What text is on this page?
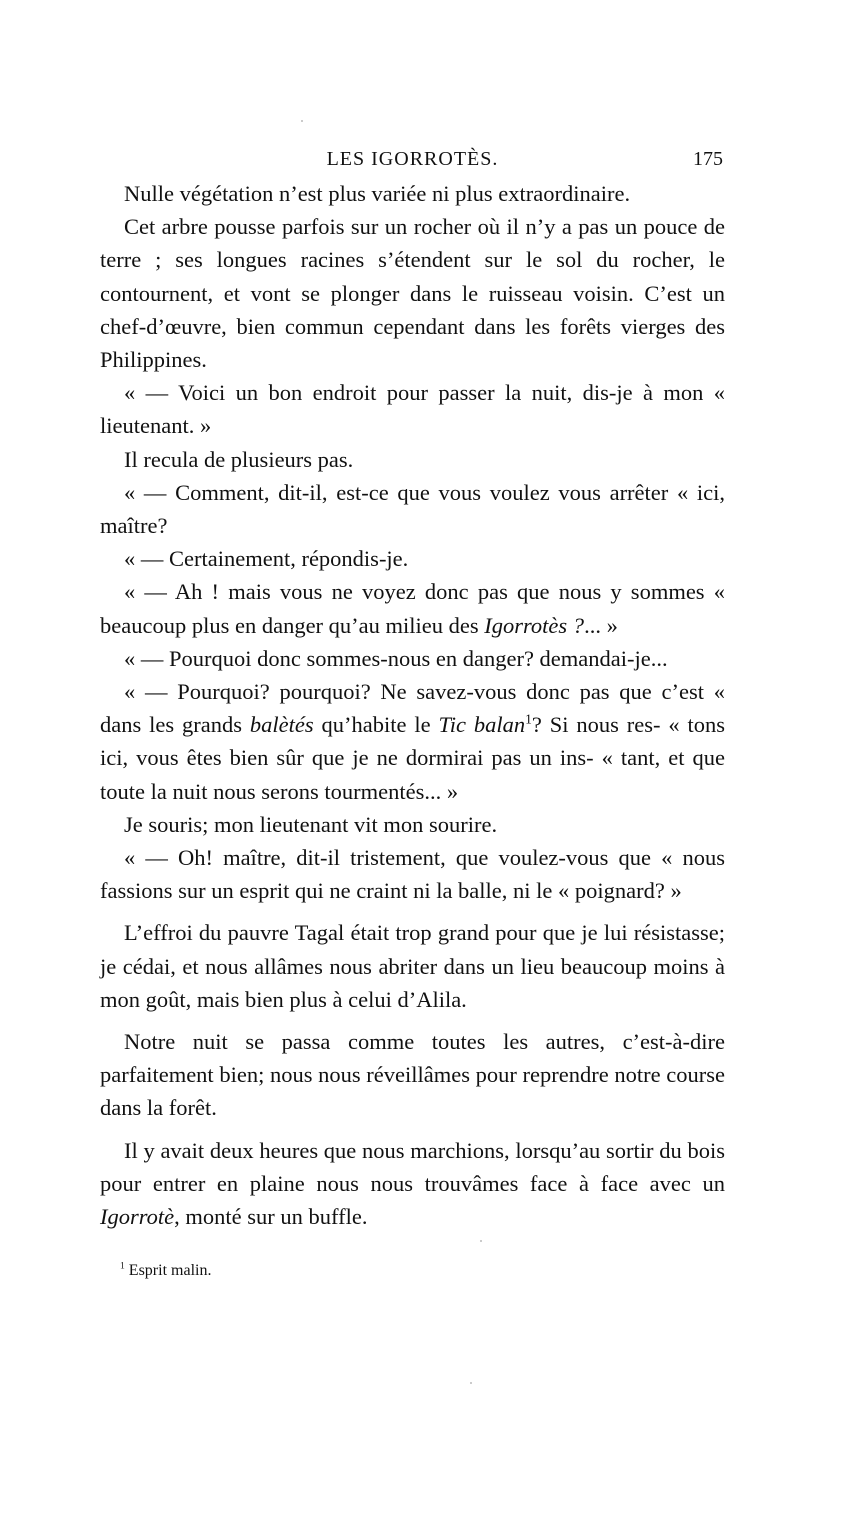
LES IGORROTÈS.	175

Nulle végétation n’est plus variée ni plus extraordinaire.

Cet arbre pousse parfois sur un rocher où il n’y a pas un pouce de terre ; ses longues racines s’étendent sur le sol du rocher, le contournent, et vont se plonger dans le ruisseau voisin. C’est un chef-d’œuvre, bien commun cependant dans les forêts vierges des Philippines.

« — Voici un bon endroit pour passer la nuit, dis-je à mon « lieutenant. »

Il recula de plusieurs pas.

« — Comment, dit-il, est-ce que vous voulez vous arrêter « ici, maître?

« — Certainement, répondis-je.

« — Ah ! mais vous ne voyez donc pas que nous y sommes « beaucoup plus en danger qu’au milieu des Igorrotès ?... »

« — Pourquoi donc sommes-nous en danger? demandai-je...

« — Pourquoi? pourquoi? Ne savez-vous donc pas que c’est « dans les grands balètés qu’habite le Tic balan$^1$? Si nous res- « tons ici, vous êtes bien sûr que je ne dormirai pas un ins- « tant, et que toute la nuit nous serons tourmentés... »

Je souris; mon lieutenant vit mon sourire.

« — Oh! maître, dit-il tristement, que voulez-vous que « nous fassions sur un esprit qui ne craint ni la balle, ni le « poignard? »

L’effroi du pauvre Tagal était trop grand pour que je lui résistasse; je cédai, et nous allâmes nous abriter dans un lieu beaucoup moins à mon goût, mais bien plus à celui d’Alila.

Notre nuit se passa comme toutes les autres, c’est-à-dire parfaitement bien; nous nous réveillâmes pour reprendre notre course dans la forêt.

Il y avait deux heures que nous marchions, lorsqu’au sortir du bois pour entrer en plaine nous nous trouvâmes face à face avec un Igorrotè, monté sur un buffle.

$^1$ Esprit malin.
